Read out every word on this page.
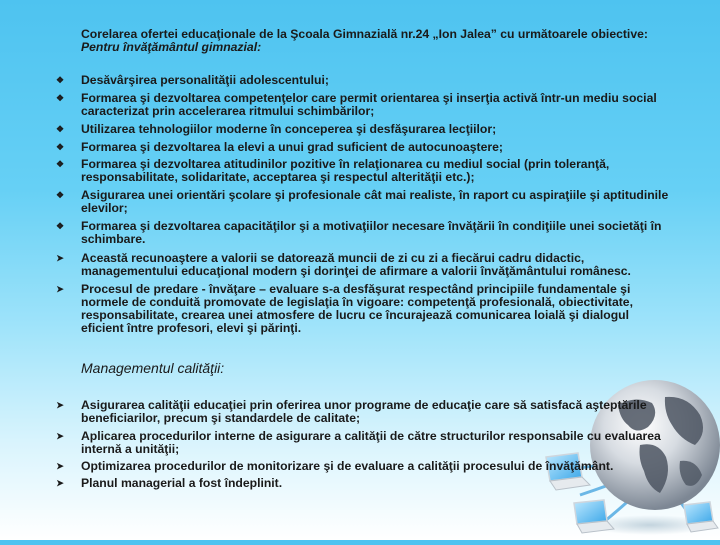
Corelarea ofertei educaţionale de la Şcoala Gimnazială nr.24 „Ion Jalea” cu următoarele obiective:

Pentru învăţământul gimnazial:

❖ Desăvârşirea personalităţii adolescentului;
❖ Formarea şi dezvoltarea competenţelor care permit orientarea şi inserţia activă într-un mediu social caracterizat prin accelerarea ritmului schimbărilor;
❖ Utilizarea tehnologiilor moderne în conceperea şi desfăşurarea lecţiilor;
❖ Formarea şi dezvoltarea la elevi a unui grad suficient de autocunoaştere;
❖ Formarea şi dezvoltarea atitudinilor pozitive în relaţionarea cu mediul social (prin toleranţă, responsabilitate, solidaritate, acceptarea şi respectul alterităţii etc.);
❖ Asigurarea unei orientări şcolare şi profesionale cât mai realiste, în raport cu aspiraţiile şi aptitudinile elevilor;
❖ Formarea şi dezvoltarea capacităţilor şi a motivaţiilor necesare învăţării în condiţiile unei societăţi în schimbare.
➤ Această recunoaştere a valorii se datorează muncii de zi cu zi a fiecărui cadru didactic, managementului educaţional modern şi dorinţei de afirmare a valorii învăţământului românesc.
➤ Procesul de predare - învăţare – evaluare s-a desfăşurat respectând principiile fundamentale şi normele de conduită promovate de legislaţia în vigoare: competenţă profesională, obiectivitate, responsabilitate, crearea unei atmosfere de lucru ce încurajează comunicarea loială şi dialogul eficient între profesori, elevi şi părinţi.
Managementul calităţii:
➤ Asigurarea calităţii educaţiei prin oferirea unor programe de educaţie care să satisfacă aşteptările beneficiarilor, precum şi standardele de calitate;
➤ Aplicarea procedurilor interne de asigurare a calităţii de către structurilor responsabile cu evaluarea internă a unităţii;
➤ Optimizarea procedurilor de monitorizare şi de evaluare a calităţii procesului de învăţământ.
➤ Planul managerial a fost îndeplinit.
